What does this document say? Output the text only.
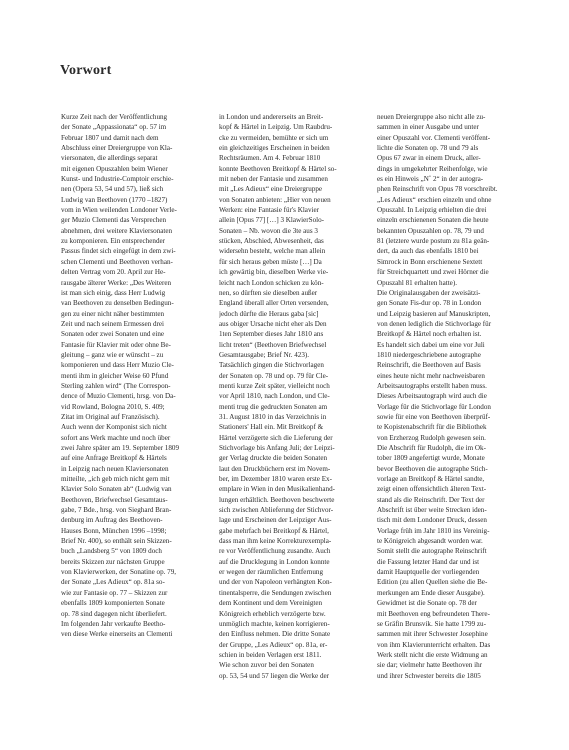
Vorwort
Kurze Zeit nach der Veröffentlichung
der Sonate „Appassionata“ op. 57 im
Februar 1807 und damit nach dem
Abschluss einer Dreiergruppe von Kla-
viersonaten, die allerdings separat
mit eigenen Opuszahlen beim Wiener
Kunst- und Industrie-Comptoir erschie-
nen (Opera 53, 54 und 57), ließ sich
Ludwig van Beethoven (1770 –1827)
vom in Wien weilenden Londoner Verle-
ger Muzio Clementi das Versprechen
abnehmen, drei weitere Klaviersonaten
zu komponieren. Ein entsprechender
Passus findet sich eingefügt in dem zwi-
schen Clementi und Beethoven verhan-
delten Vertrag vom 20. April zur He-
rausgabe älterer Werke: „Des Weiteren
ist man sich einig, dass Herr Ludwig
van Beethoven zu denselben Bedingun-
gen zu einer nicht näher bestimmten
Zeit und nach seinem Ermessen drei
Sonaten oder zwei Sonaten und eine
Fantasie für Klavier mit oder ohne Be-
gleitung – ganz wie er wünscht – zu
komponieren und dass Herr Muzio Cle-
menti ihm in gleicher Weise 60 Pfund
Sterling zahlen wird“ (The Correspon-
dence of Muzio Clementi, hrsg. von Da-
vid Rowland, Bologna 2010, S. 409;
Zitat im Original auf Französisch).
Auch wenn der Komponist sich nicht
sofort ans Werk machte und noch über
zwei Jahre später am 19. September 1809
auf eine Anfrage Breitkopf & Härtels
in Leipzig nach neuen Klaviersonaten
mitteilte, „ich geb mich nicht gern mit
Klavier Solo Sonaten ab“ (Ludwig van
Beethoven, Briefwechsel Gesamtaus-
gabe, 7 Bde., hrsg. von Sieghard Bran-
denburg im Auftrag des Beethoven-
Hauses Bonn, München 1996 –1998;
Brief Nr. 400), so enthält sein Skizzen-
buch „Landsberg 5“ von 1809 doch
bereits Skizzen zur nächsten Gruppe
von Klavierwerken, der Sonatine op. 79,
der Sonate „Les Adieux“ op. 81a so-
wie zur Fantasie op. 77 – Skizzen zur
ebenfalls 1809 komponierten Sonate
op. 78 sind dagegen nicht überliefert.
Im folgenden Jahr verkaufte Beetho-
ven diese Werke einerseits an Clementi
in London und andererseits an Breit-
kopf & Härtel in Leipzig. Um Raubdru-
cke zu vermeiden, bemühte er sich um
ein gleichzeitiges Erscheinen in beiden
Rechtsräumen. Am 4. Februar 1810
konnte Beethoven Breitkopf & Härtel so-
mit neben der Fantasie und zusammen
mit „Les Adieux“ eine Dreiergruppe
von Sonaten anbieten: „Hier von neuen
Werken: eine Fantasie für's Klavier
allein [Opus 77] […] 3 KlawierSolo-
Sonaten – Nb. wovon die 3te aus 3
stücken, Abschied, Abwesenheit, das
widersehn besteht, welche man allein
für sich heraus geben müste […] Da
ich gewärtig bin, dieselben Werke vie-
leicht nach London schicken zu kön-
nen, so dürften sie dieselben außer
England überall aller Orten versenden,
jedoch dürfte die Heraus gaba [sic]
aus obiger Ursache nicht eher als Den
1ten September dieses Jahr 1810 ans
licht treten“ (Beethoven Briefwechsel
Gesamtausgabe; Brief Nr. 423).
Tatsächlich gingen die Stichvorlagen
der Sonaten op. 78 und op. 79 für Cle-
menti kurze Zeit später, vielleicht noch
vor April 1810, nach London, und Cle-
menti trug die gedruckten Sonaten am
31. August 1810 in das Verzeichnis in
Stationers' Hall ein. Mit Breitkopf &
Härtel verzögerte sich die Lieferung der
Stichvorlage bis Anfang Juli; der Leipzi-
ger Verlag druckte die beiden Sonaten
laut den Druckbüchern erst im Novem-
ber, im Dezember 1810 waren erste Ex-
emplare in Wien in den Musikalienhand-
lungen erhältlich. Beethoven beschwerte
sich zwischen Ablieferung der Stichvor-
lage und Erscheinen der Leipziger Aus-
gabe mehrfach bei Breitkopf & Härtel,
dass man ihm keine Korrekturexempla-
re vor Veröffentlichung zusandte. Auch
auf die Drucklegung in London konnte
er wegen der räumlichen Entfernung
und der von Napoleon verhängten Kon-
tinentalsperre, die Sendungen zwischen
dem Kontinent und dem Vereinigten
Königreich erheblich verzögerte bzw.
unmöglich machte, keinen korrigieren-
den Einfluss nehmen. Die dritte Sonate
der Gruppe, „Les Adieux“ op. 81a, er-
schien in beiden Verlagen erst 1811.
Wie schon zuvor bei den Sonaten
op. 53, 54 und 57 liegen die Werke der
neuen Dreiergruppe also nicht alle zu-
sammen in einer Ausgabe und unter
einer Opuszahl vor. Clementi veröffent-
lichte die Sonaten op. 78 und 79 als
Opus 67 zwar in einem Druck, aller-
dings in umgekehrter Reihenfolge, wie
es ein Hinweis „N˚ 2“ in der autogra-
phen Reinschrift von Opus 78 vorschreibt.
„Les Adieux“ erschien einzeln und ohne
Opuszahl. In Leipzig erhielten die drei
einzeln erschienenen Sonaten die heute
bekannten Opuszahlen op. 78, 79 und
81 (letztere wurde postum zu 81a geän-
dert, da auch das ebenfalls 1810 bei
Simrock in Bonn erschienene Sextett
für Streichquartett und zwei Hörner die
Opuszahl 81 erhalten hatte).
Die Originalausgaben der zweisätzi-
gen Sonate Fis-dur op. 78 in London
und Leipzig basieren auf Manuskripten,
von denen lediglich die Stichvorlage für
Breitkopf & Härtel noch erhalten ist.
Es handelt sich dabei um eine vor Juli
1810 niedergeschriebene autographe
Reinschrift, die Beethoven auf Basis
eines heute nicht mehr nachweisbaren
Arbeitsautographs erstellt haben muss.
Dieses Arbeitsautograph wird auch die
Vorlage für die Stichvorlage für London
sowie für eine von Beethoven überprüf-
te Kopistenabschrift für die Bibliothek
von Erzherzog Rudolph gewesen sein.
Die Abschrift für Rudolph, die im Ok-
tober 1809 angefertigt wurde, Monate
bevor Beethoven die autographe Stich-
vorlage an Breitkopf & Härtel sandte,
zeigt einen offensichtlich älteren Text-
stand als die Reinschrift. Der Text der
Abschrift ist über weite Strecken iden-
tisch mit dem Londoner Druck, dessen
Vorlage früh im Jahr 1810 ins Vereinig-
te Königreich abgesandt worden war.
Somit stellt die autographe Reinschrift
die Fassung letzter Hand dar und ist
damit Hauptquelle der vorliegenden
Edition (zu allen Quellen siehe die Be-
merkungen am Ende dieser Ausgabe).
Gewidmet ist die Sonate op. 78 der
mit Beethoven eng befreundeten There-
se Gräfin Brunsvik. Sie hatte 1799 zu-
sammen mit ihrer Schwester Josephine
von ihm Klavierunterricht erhalten. Das
Werk stellt nicht die erste Widmung an
sie dar; vielmehr hatte Beethoven ihr
und ihrer Schwester bereits die 1805
